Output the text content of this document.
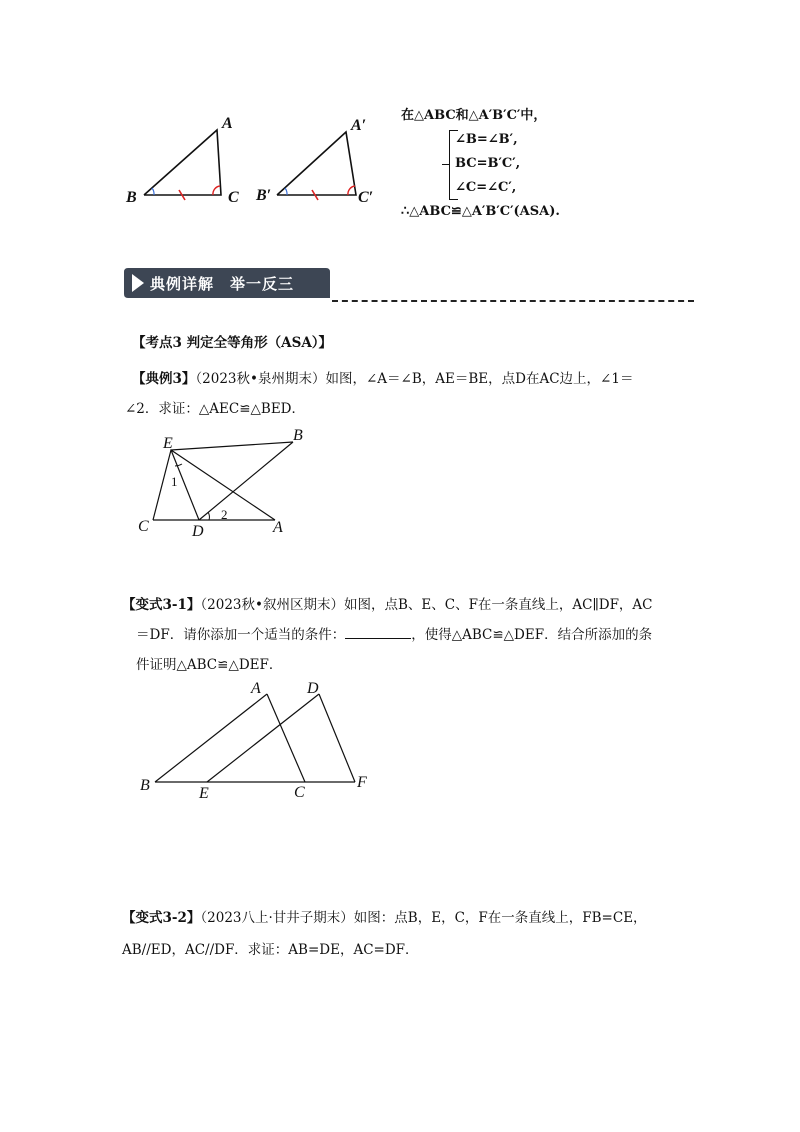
A
B	C
A′
B′	C′
在△ABC和△A′B′C′中，
∠B=∠B′,
BC=B′C′,
∠C=∠C′,
∴△ABC≌△A′B′C′(ASA).
典例详解　举一反三
【考点3 判定全等角形（ASA）】
【典例3】（2023秋•泉州期末）如图，∠A＝∠B，AE＝BE，点D在AC边上，∠1＝
∠2．求证：△AEC≌△BED．
E	B
C	D	A
1
2
【变式3-1】（2023秋•叙州区期末）如图，点B、E、C、F在一条直线上，AC∥DF，AC
＝DF．请你添加一个适当的条件：	，使得△ABC≌△DEF．结合所添加的条
件证明△ABC≌△DEF．
A	D
B	E	C
F
【变式3-2】（2023八上·甘井子期末）如图：点B，E，C，F在一条直线上，FB=CE，
AB//ED，AC//DF．求证：AB=DE，AC=DF．
